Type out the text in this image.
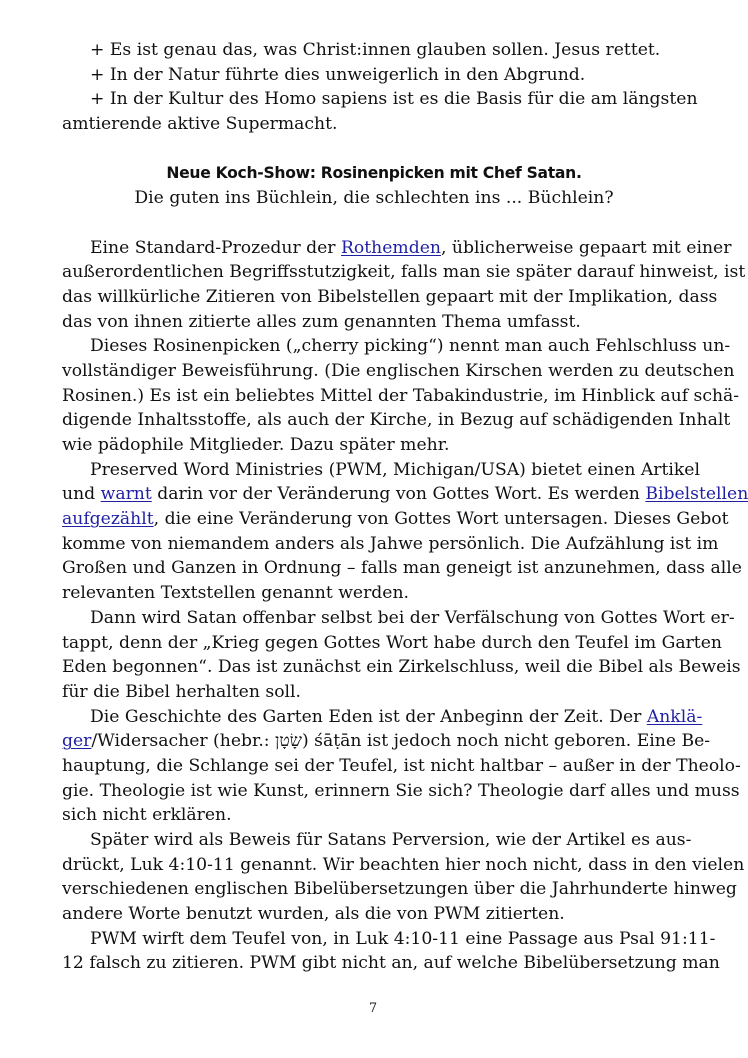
+ Es ist genau das, was Christ:innen glauben sollen. Jesus rettet.
+ In der Natur führte dies unweigerlich in den Abgrund.
+ In der Kultur des Homo sapiens ist es die Basis für die am längsten
amtierende aktive Supermacht.
Neue Koch-Show: Rosinenpicken mit Chef Satan.
Die guten ins Büchlein, die schlechten ins ... Büchlein?
Eine Standard-Prozedur der Rothemden, üblicherweise gepaart mit einer
außerordentlichen Begriffsstutzigkeit, falls man sie später darauf hinweist, ist
das willkürliche Zitieren von Bibelstellen gepaart mit der Implikation, dass
das von ihnen zitierte alles zum genannten Thema umfasst.
Dieses Rosinenpicken („cherry picking“) nennt man auch Fehlschluss un-
vollständiger Beweisführung. (Die englischen Kirschen werden zu deutschen
Rosinen.) Es ist ein beliebtes Mittel der Tabakindustrie, im Hinblick auf schä-
digende Inhaltsstoffe, als auch der Kirche, in Bezug auf schädigenden Inhalt
wie pädophile Mitglieder. Dazu später mehr.
Preserved Word Ministries (PWM, Michigan/USA) bietet einen Artikel
und warnt darin vor der Veränderung von Gottes Wort. Es werden Bibelstellen
aufgezählt, die eine Veränderung von Gottes Wort untersagen. Dieses Gebot
komme von niemandem anders als Jahwe persönlich. Die Aufzählung ist im
Großen und Ganzen in Ordnung – falls man geneigt ist anzunehmen, dass alle
relevanten Textstellen genannt werden.
Dann wird Satan offenbar selbst bei der Verfälschung von Gottes Wort er-
tappt, denn der „Krieg gegen Gottes Wort habe durch den Teufel im Garten
Eden begonnen“. Das ist zunächst ein Zirkelschluss, weil die Bibel als Beweis
für die Bibel herhalten soll.
Die Geschichte des Garten Eden ist der Anbeginn der Zeit. Der Anklä-
ger/Widersacher (hebr.: שָׂטָן) śāṭān ist jedoch noch nicht geboren. Eine Be-
hauptung, die Schlange sei der Teufel, ist nicht haltbar – außer in der Theolo-
gie. Theologie ist wie Kunst, erinnern Sie sich? Theologie darf alles und muss
sich nicht erklären.
Später wird als Beweis für Satans Perversion, wie der Artikel es aus-
drückt, Luk 4:10-11 genannt. Wir beachten hier noch nicht, dass in den vielen
verschiedenen englischen Bibelübersetzungen über die Jahrhunderte hinweg
andere Worte benutzt wurden, als die von PWM zitierten.
PWM wirft dem Teufel von, in Luk 4:10-11 eine Passage aus Psal 91:11-
12 falsch zu zitieren. PWM gibt nicht an, auf welche Bibelübersetzung man
7
